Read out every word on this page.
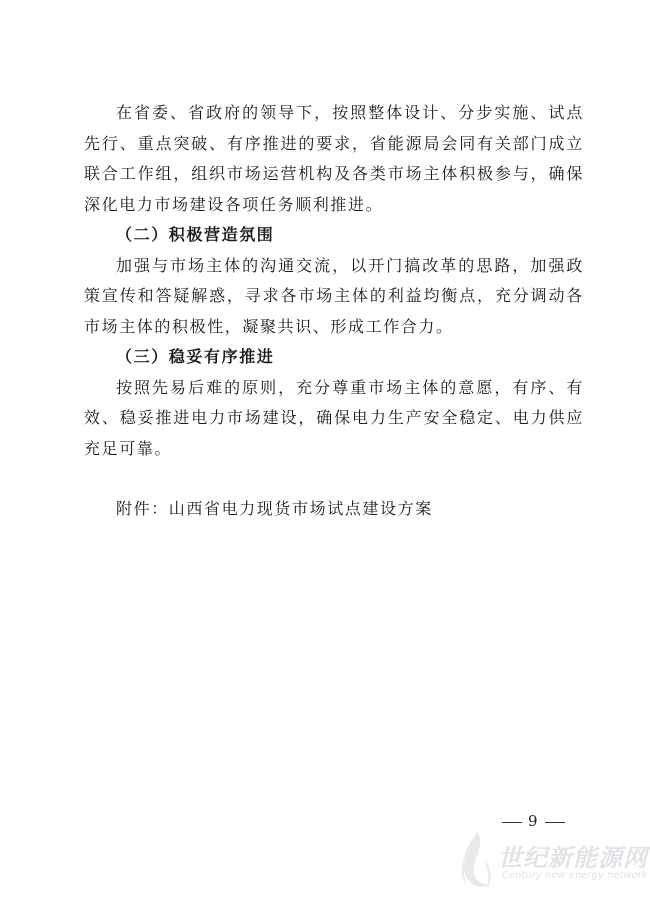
在省委、省政府的领导下，按照整体设计、分步实施、试点先行、重点突破、有序推进的要求，省能源局会同有关部门成立联合工作组，组织市场运营机构及各类市场主体积极参与，确保深化电力市场建设各项任务顺利推进。

（二）积极营造氛围

加强与市场主体的沟通交流，以开门搞改革的思路，加强政策宣传和答疑解惑，寻求各市场主体的利益均衡点，充分调动各市场主体的积极性，凝聚共识、形成工作合力。

（三）稳妥有序推进

按照先易后难的原则，充分尊重市场主体的意愿，有序、有效、稳妥推进电力市场建设，确保电力生产安全稳定、电力供应充足可靠。

附件：山西省电力现货市场试点建设方案

9
世纪新能源网
Century new energy network
